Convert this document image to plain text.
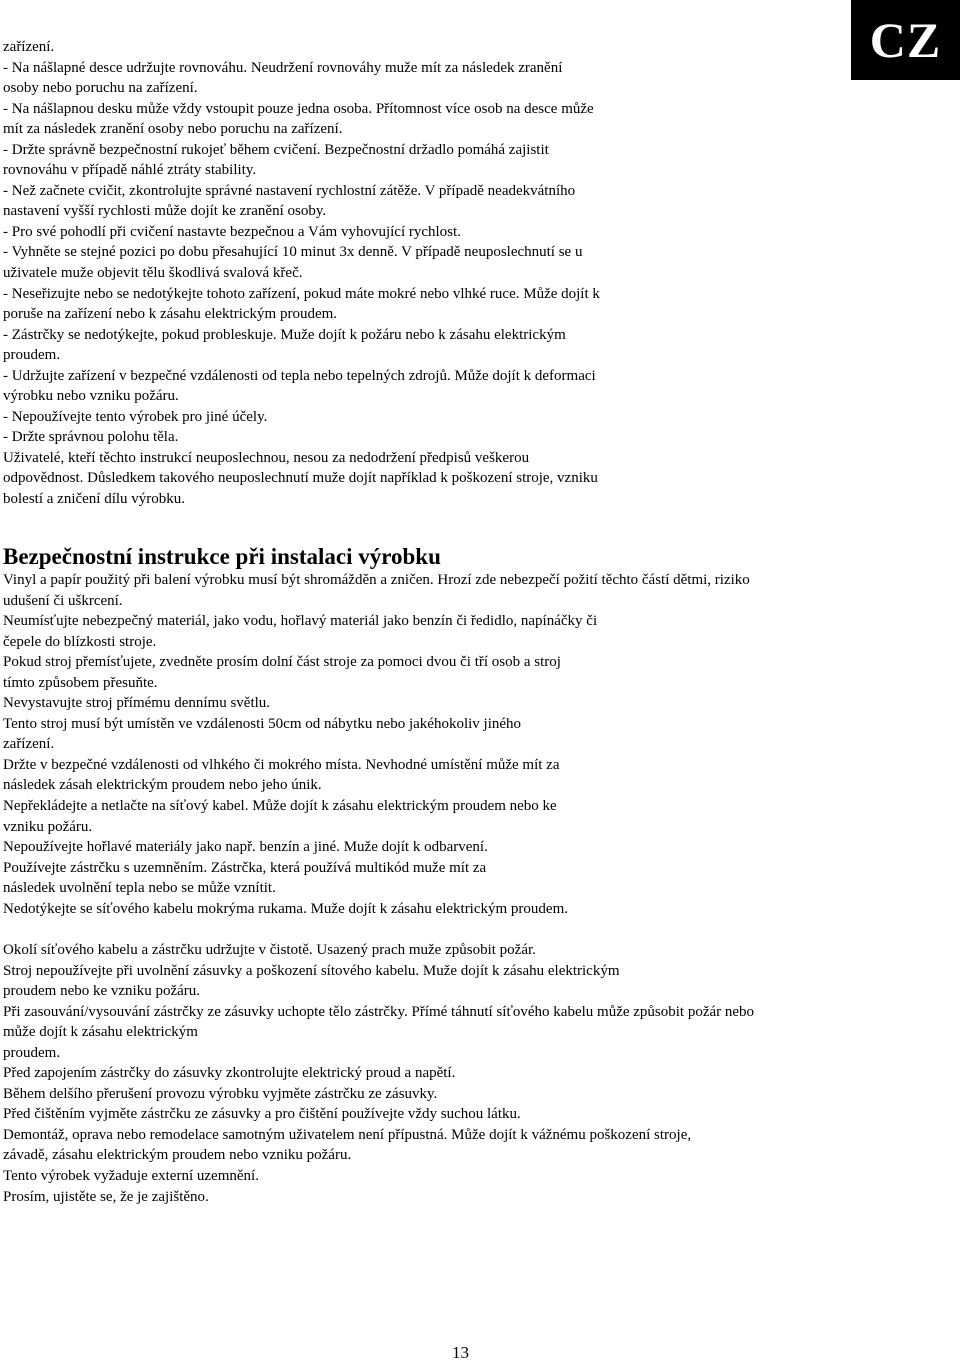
CZ
zařízení.
- Na nášlapné desce udržujte rovnováhu. Neudržení rovnováhy muže mít za následek zranění
osoby nebo poruchu na zařízení.
- Na nášlapnou desku může vždy vstoupit pouze jedna osoba. Přítomnost více osob na desce může
mít za následek zranění osoby nebo poruchu na zařízení.
- Držte správně bezpečnostní rukojeť během cvičení. Bezpečnostní držadlo pomáhá zajistit
rovnováhu v případě náhlé ztráty stability.
- Než začnete cvičit, zkontrolujte správné nastavení rychlostní zátěže. V případě neadekvátního
nastavení vyšší rychlosti může dojít ke zranění osoby.
- Pro své pohodlí při cvičení nastavte bezpečnou a Vám vyhovující rychlost.
- Vyhněte se stejné pozici po dobu přesahující 10 minut 3x denně. V případě neuposlechnutí se u
uživatele muže objevit tělu škodlivá svalová křeč.
- Neseřizujte nebo se nedotýkejte tohoto zařízení, pokud máte mokré nebo vlhké ruce. Může dojít k
poruše na zařízení nebo k zásahu elektrickým proudem.
- Zástrčky se nedotýkejte, pokud probleskuje. Muže dojít k požáru nebo k zásahu elektrickým
proudem.
- Udržujte zařízení v bezpečné vzdálenosti od tepla nebo tepelných zdrojů. Může dojít k deformaci
výrobku nebo vzniku požáru.
- Nepoužívejte tento výrobek pro jiné účely.
- Držte správnou polohu těla.
Uživatelé, kteří těchto instrukcí neuposlechnou, nesou za nedodržení předpisů veškerou
odpovědnost. Důsledkem takového neuposlechnutí muže dojít například k poškození stroje, vzniku
bolestí a zničení dílu výrobku.
Bezpečnostní instrukce při instalaci výrobku
Vinyl a papír použitý při balení výrobku musí být shromážděn a zničen. Hrozí zde nebezpečí požití těchto částí dětmi, riziko
udušení či uškrcení.
Neumísťujte nebezpečný materiál, jako vodu, hořlavý materiál jako benzín či ředidlo, napínáčky či
čepele do blízkosti stroje.
Pokud stroj přemísťujete, zvedněte prosím dolní část stroje za pomoci dvou či tří osob a stroj
tímto způsobem přesuňte.
Nevystavujte stroj přímému dennímu světlu.
Tento stroj musí být umístěn ve vzdálenosti 50cm od nábytku nebo jakéhokoliv jiného
zařízení.
Držte v bezpečné vzdálenosti od vlhkého či mokrého místa. Nevhodné umístění může mít za
následek zásah elektrickým proudem nebo jeho únik.
Nepřekládejte a netlačte na síťový kabel. Může dojít k zásahu elektrickým proudem nebo ke
vzniku požáru.
Nepoužívejte hořlavé materiály jako např. benzín a jiné. Muže dojít k odbarvení.
Používejte zástrčku s uzemněním. Zástrčka, která používá multikód muže mít za
následek uvolnění tepla nebo se může vznítit.
Nedotýkejte se síťového kabelu mokrýma rukama. Muže dojít k zásahu elektrickým proudem.
Okolí síťového kabelu a zástrčku udržujte v čistotě. Usazený prach muže způsobit požár.
Stroj nepoužívejte při uvolnění zásuvky a poškození sítového kabelu. Muže dojít k zásahu elektrickým
proudem nebo ke vzniku požáru.
Při zasouvání/vysouvání zástrčky ze zásuvky uchopte tělo zástrčky. Přímé táhnutí síťového kabelu může způsobit požár nebo
může dojít k zásahu elektrickým
proudem.
Před zapojením zástrčky do zásuvky zkontrolujte elektrický proud a napětí.
Během delšího přerušení provozu výrobku vyjměte zástrčku ze zásuvky.
Před čištěním vyjměte zástrčku ze zásuvky a pro čištění používejte vždy suchou látku.
Demontáž, oprava nebo remodelace samotným uživatelem není přípustná. Může dojít k vážnému poškození stroje,
závadě, zásahu elektrickým proudem nebo vzniku požáru.
Tento výrobek vyžaduje externí uzemnění.
Prosím, ujistěte se, že je zajištěno.
13
